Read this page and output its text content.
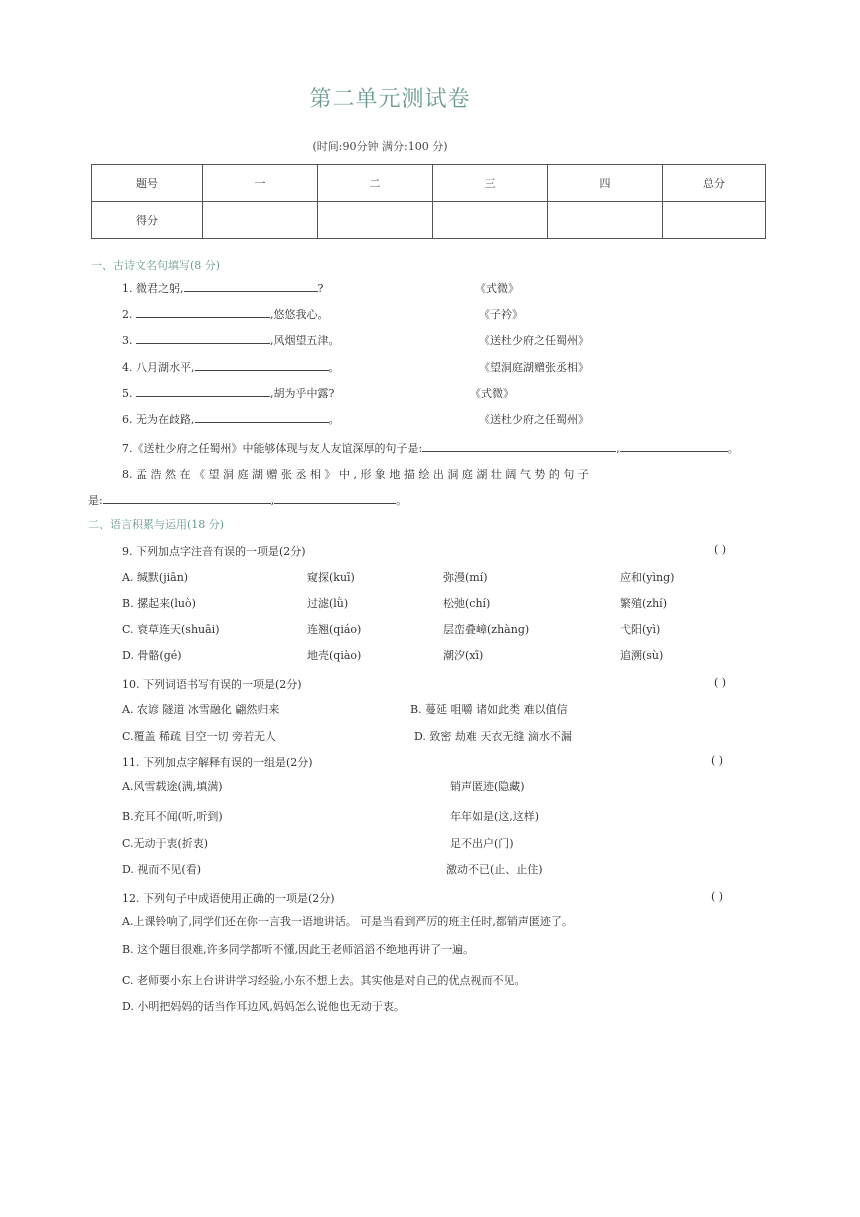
第二单元测试卷
(时间:90分钟 满分:100 分)
题号	一	二	三	四	总分
得分					
一、古诗文名句填写(8 分)
1. 微君之躬,	?	《式微》
2.	,悠悠我心。	《子衿》
3.	,风烟望五津。	《送杜少府之任蜀州》
4. 八月湖水平,	。	《望洞庭湖赠张丞相》
5.	,胡为乎中露?	《式微》
6. 无为在歧路,	。	《送杜少府之任蜀州》
7.《送杜少府之任蜀州》中能够体现与友人友谊深厚的句子是:	,	。
8. 孟 浩 然 在 《 望 洞 庭 湖 赠 张 丞 相 》 中 , 形 象 地 描 绘 出 洞 庭 湖 壮 阔 气 势 的 句 子
是:	,	。
二、语言积累与运用(18 分)
9. 下列加点字注音有误的一项是(2分)	( )
A. 缄默(jiān)	窥探(kuī)	弥漫(mí)	应和(yìng)
B. 摞起来(luò)	过滤(lǜ)	松弛(chí)	繁殖(zhí)
C. 衰草连天(shuāi)	连翘(qiáo)	层峦叠嶂(zhàng)	弋阳(yì)
D. 骨骼(gé)	地壳(qiào)	潮汐(xī)	追溯(sù)
10. 下列词语书写有误的一项是(2分)	( )
A. 农谚 隧道 冰雪融化 翩然归来	B. 蔓延 咀嚼 诸如此类 难以值信
C.覆盖 稀疏 目空一切 旁若无人	D. 致密 劫难 天衣无缝 滴水不漏
11. 下列加点字解释有误的一组是(2分)	( )
A.风雪载途(满,填满)	销声匿迹(隐藏)
B.充耳不闻(听,听到)	年年如是(这,这样)
C.无动于衷(折衷)	足不出户(门)
D. 视而不见(看)	激动不已(止、止住)
12. 下列句子中成语使用正确的一项是(2分)	( )
A.上课铃响了,同学们还在你一言我一语地讲话。 可是当看到严厉的班主任时,都销声匿迹了。
B. 这个题目很难,许多同学都听不懂,因此王老师滔滔不绝地再讲了一遍。
C. 老师要小东上台讲讲学习经验,小东不想上去。其实他是对自己的优点视而不见。
D. 小明把妈妈的话当作耳边风,妈妈怎么说他也无动于衷。
